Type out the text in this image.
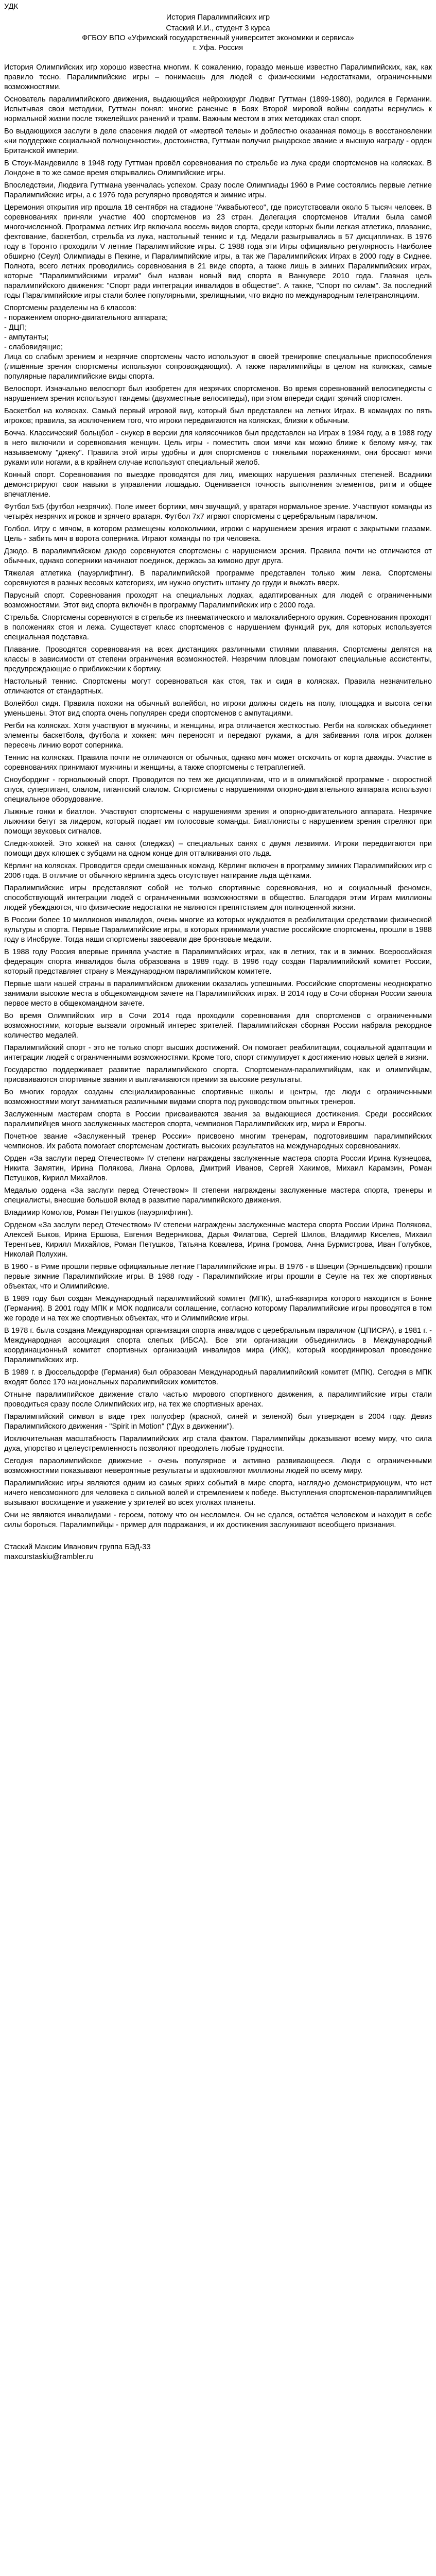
УДК
История Паралимпийских игр
Стаский И.И., студент 3 курса
ФГБОУ ВПО «Уфимский государственный университет экономики и сервиса»
г. Уфа. Россия
История Олимпийских игр хорошо известна многим. К сожалению, гораздо меньше известно Паралимпийских, как, как правило тесно. Паралимпийские игры – понимаешь для людей с физическими недостатками, ограниченными возможностями.
Основатель паралимпийского движения, выдающийся нейрохирург Людвиг Гуттман (1899-1980), родился в Германии. Испытывая свои методики, Гуттман понял: многие раненые в Боях Второй мировой войны солдаты вернулись к нормальной жизни после тяжелейших ранений и травм. Важным местом в этих методиках стал спорт.
Во выдающихся заслуги в деле спасения людей от «мертвой телеы» и доблестно оказанная помощь в восстановлении «ни поддержке социальной полноценности», достоинства, Гуттман получил рыцарское звание и высшую награду - орден Британской империи.
В Стоук-Мандевилле в 1948 году Гуттман провёл соревнования по стрельбе из лука среди спортсменов на колясках. В Лондоне в то же самое время открывались Олимпийские игры.
Впоследствии, Людвига Гуттмана увенчалась успехом. Сразу после Олимпиады 1960 в Риме состоялись первые летние Паралимпийские игры, а с 1976 года регулярно проводятся и зимние игры.
Церемония открытия игр прошла 18 сентября на стадионе "Аквабьютесо", где присутствовали около 5 тысяч человек. В соревнованиях приняли участие 400 спортсменов из 23 стран. Делегация спортсменов Италии была самой многочисленной. Программа летних Игр включала восемь видов спорта, среди которых были легкая атлетика, плавание, фехтование, баскетбол, стрельба из лука, настольный теннис и т.д. Медали разыгрывались в 57 дисциплинах. В 1976 году в Торонто проходили V летние Паралимпийские игры. С 1988 года эти Игры официально регулярность Наиболее обширно (Сеул) Олимпиады в Пекине, и Паралимпийские игры, а так же Паралимпийских Играх в 2000 году в Сиднее. Полнота, всего летних проводились соревнования в 21 виде спорта, а также лишь в зимних Паралимпийских играх, которые "Паралимпийскими играми" был назван новый вид спорта в Ванкувере 2010 года. Главная цель паралимпийского движения: "Спорт ради интеграции инвалидов в обществе". А также, "Спорт по силам". За последний годы Паралимпийские игры стали более популярными, зрелищными, что видно по международным телетрансляциям.
Спортсмены разделены на 6 классов:
- поражением опорно-двигательного аппарата;
- ДЦП;
- ампутанты;
- слабовидящие;
Лица со слабым зрением и незрячие спортсмены часто используют в своей тренировке специальные приспособления (лишённые зрения спортсмены используют сопровождающих). А также паралимпийцы в целом на колясках, самые популярные паралимпийские виды спорта.
Велоспорт. Изначально велоспорт был изобретен для незрячих спортсменов. Во время соревнований велосипедисты с нарушением зрения используют тандемы (двухместные велосипеды), при этом впереди сидит зрячий спортсмен.
Баскетбол на колясках. Самый первый игровой вид, который был представлен на летних Играх. В командах по пять игроков; правила, за исключением того, что игроки передвигаются на колясках, близки к обычным.
Бочча. Классический больцбол - снукер в версии для колясочников был представлен на Играх в 1984 году, а в 1988 году в него включили и соревнования женщин. Цель игры - поместить свои мячи как можно ближе к белому мячу, так называемому "джеку". Правила этой игры удобны и для спортсменов с тяжелыми поражениями, они бросают мячи руками или ногами, а в крайнем случае используют специальный желоб.
Конный спорт. Соревнования по выездке проводятся для лиц, имеющих нарушения различных степеней. Всадники демонстрируют свои навыки в управлении лошадью. Оценивается точность выполнения элементов, ритм и общее впечатление.
Футбол 5х5 (футбол незрячих). Поле имеет бортики, мяч звучащий, у вратаря нормальное зрение. Участвуют команды из четырёх незрячих игроков и зрячего вратаря. Футбол 7х7 играют спортсмены с церебральным параличом.
Голбол. Игру с мячом, в котором размещены колокольчики, игроки с нарушением зрения играют с закрытыми глазами. Цель - забить мяч в ворота соперника. Играют команды по три человека.
Дзюдо. В паралимпийском дзюдо соревнуются спортсмены с нарушением зрения. Правила почти не отличаются от обычных, однако соперники начинают поединок, держась за кимоно друг друга.
Тяжелая атлетика (пауэрлифтинг). В паралимпийской программе представлен только жим лежа. Спортсмены соревнуются в разных весовых категориях, им нужно опустить штангу до груди и выжать вверх.
Парусный спорт. Соревнования проходят на специальных лодках, адаптированных для людей с ограниченными возможностями. Этот вид спорта включён в программу Паралимпийских игр с 2000 года.
Стрельба. Спортсмены соревнуются в стрельбе из пневматического и малокалиберного оружия. Соревнования проходят в положениях стоя и лежа. Существует класс спортсменов с нарушением функций рук, для которых используется специальная подставка.
Плавание. Проводятся соревнования на всех дистанциях различными стилями плавания. Спортсмены делятся на классы в зависимости от степени ограничения возможностей. Незрячим пловцам помогают специальные ассистенты, предупреждающие о приближении к бортику.
Настольный теннис. Спортсмены могут соревноваться как стоя, так и сидя в колясках. Правила незначительно отличаются от стандартных.
Волейбол сидя. Правила похожи на обычный волейбол, но игроки должны сидеть на полу, площадка и высота сетки уменьшены. Этот вид спорта очень популярен среди спортсменов с ампутациями.
Регби на колясках. Хотя участвуют в мужчины, и женщины, игра отличается жесткостью. Регби на колясках объединяет элементы баскетбола, футбола и хоккея: мяч переносят и передают руками, а для забивания гола игрок должен пересечь линию ворот соперника.
Теннис на колясках. Правила почти не отличаются от обычных, однако мяч может отскочить от корта дважды. Участие в соревнованиях принимают мужчины и женщины, а также спортсмены с тетраплегией.
Сноубординг - горнолыжный спорт. Проводится по тем же дисциплинам, что и в олимпийской программе - скоростной спуск, супергигант, слалом, гигантский слалом. Спортсмены с нарушениями опорно-двигательного аппарата используют специальное оборудование.
Лыжные гонки и биатлон. Участвуют спортсмены с нарушениями зрения и опорно-двигательного аппарата. Незрячие лыжники бегут за лидером, который подает им голосовые команды. Биатлонисты с нарушением зрения стреляют при помощи звуковых сигналов.
Следж-хоккей. Это хоккей на санях (следжах) – специальных санях с двумя лезвиями. Игроки передвигаются при помощи двух клюшек с зубцами на одном конце для отталкивания ото льда.
Кёрлинг на колясках. Проводится среди смешанных команд. Кёрлинг включен в программу зимних Паралимпийских игр с 2006 года. В отличие от обычного кёрлинга здесь отсутствует натирание льда щётками.
Паралимпийские игры представляют собой не только спортивные соревнования, но и социальный феномен, способствующий интеграции людей с ограниченными возможностями в общество. Благодаря этим Играм миллионы людей убеждаются, что физические недостатки не являются препятствием для полноценной жизни.
В России более 10 миллионов инвалидов, очень многие из которых нуждаются в реабилитации средствами физической культуры и спорта. Первые Паралимпийские игры, в которых принимали участие российские спортсмены, прошли в 1988 году в Инсбруке. Тогда наши спортсмены завоевали две бронзовые медали.
В 1988 году Россия впервые приняла участие в Паралимпийских играх, как в летних, так и в зимних. Всероссийская федерация спорта инвалидов была образована в 1989 году. В 1996 году создан Паралимпийский комитет России, который представляет страну в Международном паралимпийском комитете.
Первые шаги нашей страны в паралимпийском движении оказались успешными. Российские спортсмены неоднократно занимали высокие места в общекомандном зачете на Паралимпийских играх. В 2014 году в Сочи сборная России заняла первое место в общекомандном зачете.
Во время Олимпийских игр в Сочи 2014 года проходили соревнования для спортсменов с ограниченными возможностями, которые вызвали огромный интерес зрителей. Паралимпийская сборная России набрала рекордное количество медалей.
Паралимпийский спорт - это не только спорт высших достижений. Он помогает реабилитации, социальной адаптации и интеграции людей с ограниченными возможностями. Кроме того, спорт стимулирует к достижению новых целей в жизни.
Государство поддерживает развитие паралимпийского спорта. Спортсменам-паралимпийцам, как и олимпийцам, присваиваются спортивные звания и выплачиваются премии за высокие результаты.
Во многих городах созданы специализированные спортивные школы и центры, где люди с ограниченными возможностями могут заниматься различными видами спорта под руководством опытных тренеров.
Заслуженным мастерам спорта в России присваиваются звания за выдающиеся достижения. Среди российских паралимпийцев много заслуженных мастеров спорта, чемпионов Паралимпийских игр, мира и Европы.
Почетное звание «Заслуженный тренер России» присвоено многим тренерам, подготовившим паралимпийских чемпионов. Их работа помогает спортсменам достигать высоких результатов на международных соревнованиях.
Орден «За заслуги перед Отечеством» IV степени награждены заслуженные мастера спорта России Ирина Кузнецова, Никита Замятин, Ирина Полякова, Лиана Орлова, Дмитрий Иванов, Сергей Хакимов, Михаил Карамзин, Роман Петушков, Кирилл Михайлов.
Медалью ордена «За заслуги перед Отечеством» II степени награждены заслуженные мастера спорта, тренеры и специалисты, внесшие большой вклад в развитие паралимпийского движения.
Владимир Комолов, Роман Петушков (пауэрлифтинг).
Орденом «За заслуги перед Отечеством» IV степени награждены заслуженные мастера спорта России Ирина Полякова, Алексей Быков, Ирина Ершова, Евгения Ведерникова, Дарья Филатова, Сергей Шилов, Владимир Киселев, Михаил Терентьев, Кирилл Михайлов, Роман Петушков, Татьяна Ковалева, Ирина Громова, Анна Бурмистрова, Иван Голубков, Николай Полухин.
В 1960 - в Риме прошли первые официальные летние Паралимпийские игры. В 1976 - в Швеции (Эрншельдсвик) прошли первые зимние Паралимпийские игры. В 1988 году - Паралимпийские игры прошли в Сеуле на тех же спортивных объектах, что и Олимпийские.
В 1989 году был создан Международный паралимпийский комитет (МПК), штаб-квартира которого находится в Бонне (Германия). В 2001 году МПК и МОК подписали соглашение, согласно которому Паралимпийские игры проводятся в том же городе и на тех же спортивных объектах, что и Олимпийские игры.
В 1978 г. была создана Международная организация спорта инвалидов с церебральным параличом (ЦПИСРА), в 1981 г. - Международная ассоциация спорта слепых (ИБСА). Все эти организации объединились в Международный координационный комитет спортивных организаций инвалидов мира (ИКК), который координировал проведение Паралимпийских игр.
В 1989 г. в Дюссельдорфе (Германия) был образован Международный паралимпийский комитет (МПК). Сегодня в МПК входят более 170 национальных паралимпийских комитетов.
Отныне паралимпийское движение стало частью мирового спортивного движения, а паралимпийские игры стали проводиться сразу после Олимпийских игр, на тех же спортивных аренах.
Паралимпийский символ в виде трех полусфер (красной, синей и зеленой) был утвержден в 2004 году. Девиз Паралимпийского движения - "Spirit in Motion" ("Дух в движении").
Исключительная масштабность Паралимпийских игр стала фактом. Паралимпийцы доказывают всему миру, что сила духа, упорство и целеустремленность позволяют преодолеть любые трудности.
Сегодня параолимпийское движение - очень популярное и активно развивающееся. Люди с ограниченными возможностями показывают невероятные результаты и вдохновляют миллионы людей по всему миру.
Паралимпийские игры являются одним из самых ярких событий в мире спорта, наглядно демонстрирующим, что нет ничего невозможного для человека с сильной волей и стремлением к победе. Выступления спортсменов-паралимпийцев вызывают восхищение и уважение у зрителей во всех уголках планеты.
Они не являются инвалидами - героем, потому что он несломлен. Он не сдался, остаётся человеком и находит в себе силы бороться. Паралимпийцы - пример для подражания, и их достижения заслуживают всеобщего признания.
Стаский Максим Иванович группа БЭД-33
maxcurstaskiu@rambler.ru
